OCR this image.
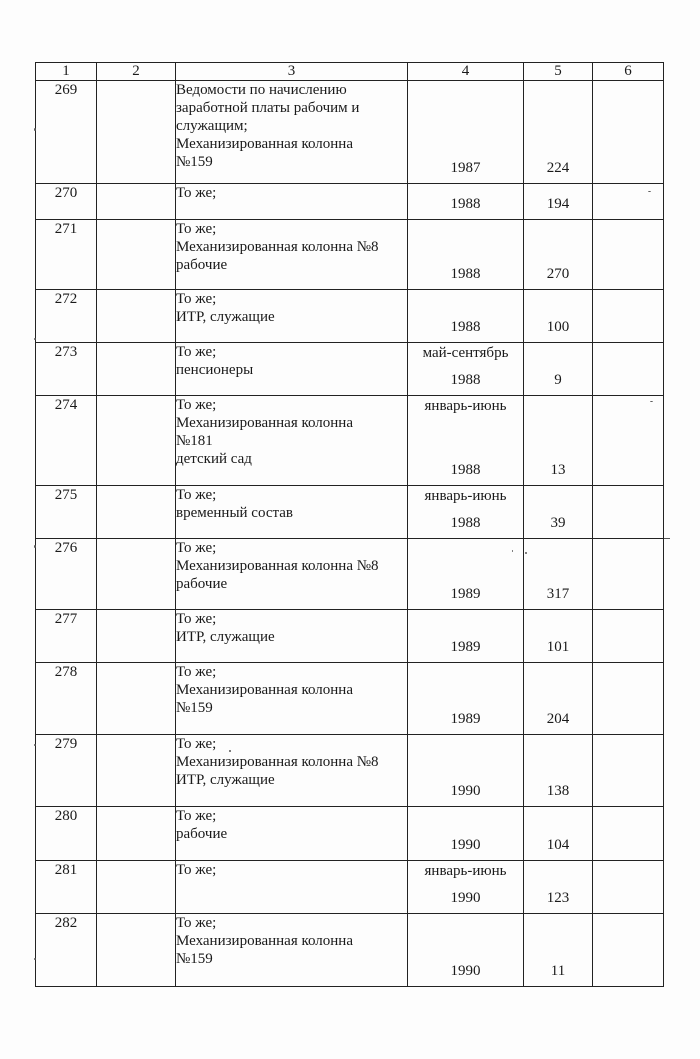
1	2	3	4	5	6
269		Ведомости по начислению
заработной платы рабочим и
служащим;
Механизированная колонна
№159	1987	224	

270		То же;	1988	194	

271		То же;
Механизированная колонна №8
рабочие	1988	270	

272		То же;
ИТР, служащие	1988	100	

273		То же;
пенсионеры	май-сентябрь
1988	9	

274		То же;
Механизированная колонна
№181
детский сад	январь-июнь
1988	13	

275		То же;
временный состав	январь-июнь
1988	39	

276		То же;
Механизированная колонна №8
рабочие	1989	317	

277		То же;
ИТР, служащие	1989	101	

278		То же;
Механизированная колонна
№159	1989	204	

279		То же;
Механизированная колонна №8
ИТР, служащие	1990	138	

280		То же;
рабочие	1990	104	

281		То же;	январь-июнь
1990	123	

282		То же;
Механизированная колонна
№159	1990	11	
